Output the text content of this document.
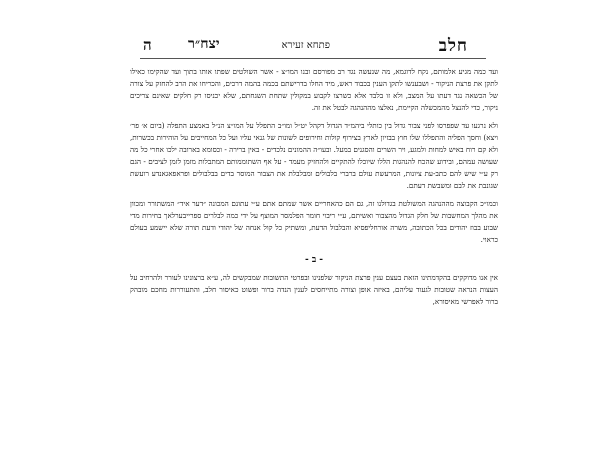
חלב
פתחא זעירא
יצח״ר
ה

ועד כמה מגיע אלמותם, נקח לדוגמא, מה שנעשה נגד רב מפורסם ובנו המו״צ - אשר השולטים שפתו אותו בתוך ועד שהקימו כאילו לתקן את פרצת הניקור - ושבענשו לתקן הענין בכבוד ראש, מיד החלו בדרישתם בכמה בהמה דרכים, והכריחו את הרב להחזק על צורה של הכשאה נגד דעתו על המצב, ולא זו בלבד אלא כשרצו לקבוע במקולין שתחת השגחתם, שלא יכניסו רק חלקים שאינם צריכים ניקור, כדי להנצל מהמכשלה הקיימת, נאלצו מההנהגה לבטל את זה.

ולא נרגעו עד שפפרסו לפני צבור גדול בין כותלי ביהמ״ד הגדול דקהל יט״ל ומו״ב התפלל על המו״צ הנ״ל באמצע התפלה (ביום א׳ פר׳ ויצא) וחסך הפליה והתפללו שלו חוץ בבזיון לארץ בצירוף קולות וחירופים לשונות של גנאי עליו ועל כל המחייבים על הוהירות בכשרות, ולא קם רוח באיש למחות ולמגע, ויר השרים והסגנים במעל. ובעו״ה ההמונים נלכדים - באין ברירה - וכסומא בארובה ילכו אחרי כל מה שעושה עמהם, ובידוע שהכח להנהגות הללו שיוכלו להתקיים ולהחזיק מעמד - על אף השתוממותם המתבלות מזמן לזמן לציבים - הגם רק ע״י שיש להם כתב-עת ציונות, המרעשת עולם ברברי בלבולים ומבלבלת את הצבור המוסר בדים בבלבולים ופראפאגאנדע רועשת שגונבת את לבם ומשבשת דעתם.

וכמו״כ הקבוצה מההנהגה המשולטת בגדולנו זה, גם הם כהאחריים אשר שמתם אתם ע״י עתונם המכונה ״דער איד״ המשתורר ומכוון את מהלך המחשבות של חלק הגדול מהצבור ואשיתם, ע״י ריבוי חומר הפלמסר המוצף על ידי כמה לבלרים ספרייבערלאך בחירות מדי שבוע בבוז יהודים בכל הכתובה, משרה אורחליפסיא והבלבול הדעת, ומשתיק כל קול אנחה של יהודי ודעת תורה שלא יישמע בעולם כראוי.

- ב -

אין אנו מדוקקים בהקדמתינו הזאת בעצם ענין פרצת הניקור שלפנינו ובפרטי התשובות שמבקשים לה, ע״א ברצונינו לעורר ולהרחיב על העצות הנראה שטובות לגעוד עליהם, באיזה אופן וצורה מתייחסים לענין הנדה ברור ופשוט כאיסור חלב, והתעוררות מחכם מובהק ברור לאפרשי מאיסורא,
